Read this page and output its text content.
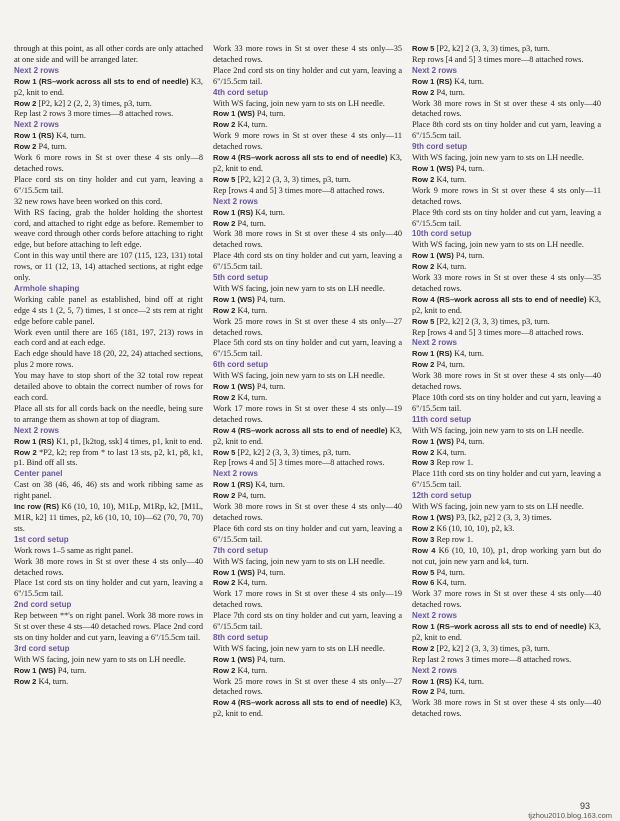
through at this point, as all other cords are only attached at one side and will be arranged later.

Next 2 rows

Row 1 (RS–work across all sts to end of needle) K3, p2, knit to end.

Row 2 [P2, k2] 2 (2, 2, 3) times, p3, turn.

Rep last 2 rows 3 more times—8 attached rows.

Next 2 rows

Row 1 (RS) K4, turn.

Row 2 P4, turn.

Work 6 more rows in St st over these 4 sts only—8 detached rows.

Place cord sts on tiny holder and cut yarn, leaving a 6"/15.5cm tail.

32 new rows have been worked on this cord.

With RS facing, grab the holder holding the shortest cord, and attached to right edge as before. Remember to weave cord through other cords before attaching to right edge, but before attaching to left edge.

Cont in this way until there are 107 (115, 123, 131) total rows, or 11 (12, 13, 14) attached sections, at right edge only.

Armhole shaping

Working cable panel as established, bind off at right edge 4 sts 1 (2, 5, 7) times, 1 st once—2 sts rem at right edge before cable panel.

Work even until there are 165 (181, 197, 213) rows in each cord and at each edge.

Each edge should have 18 (20, 22, 24) attached sections, plus 2 more rows.

You may have to stop short of the 32 total row repeat detailed above to obtain the correct number of rows for each cord.

Place all sts for all cords back on the needle, being sure to arrange them as shown at top of diagram.

Next 2 rows

Row 1 (RS) K1, p1, [k2tog, ssk] 4 times, p1, knit to end.

Row 2 *P2, k2; rep from * to last 13 sts, p2, k1, p8, k1, p1. Bind off all sts.

Center panel

Cast on 38 (46, 46, 46) sts and work ribbing same as right panel.

Inc row (RS) K6 (10, 10, 10), M1Lp, M1Rp, k2, [M1L, M1R, k2] 11 times, p2, k6 (10, 10, 10)—62 (70, 70, 70) sts.

1st cord setup

Work rows 1–5 same as right panel.

Work 38 more rows in St st over these 4 sts only—40 detached rows.

Place 1st cord sts on tiny holder and cut yarn, leaving a 6"/15.5cm tail.

2nd cord setup

Rep between **'s on right panel. Work 38 more rows in St st over these 4 sts—40 detached rows. Place 2nd cord sts on tiny holder and cut yarn, leaving a 6"/15.5cm tail.

3rd cord setup

With WS facing, join new yarn to sts on LH needle.

Row 1 (WS) P4, turn.

Row 2 K4, turn.

Work 33 more rows in St st over these 4 sts only—35 detached rows.

Place 2nd cord sts on tiny holder and cut yarn, leaving a 6"/15.5cm tail.

4th cord setup

With WS facing, join new yarn to sts on LH needle.

Row 1 (WS) P4, turn.

Row 2 K4, turn.

Work 9 more rows in St st over these 4 sts only—11 detached rows.

Row 4 (RS–work across all sts to end of needle) K3, p2, knit to end.

Row 5 [P2, k2] 2 (3, 3, 3) times, p3, turn.

Rep [rows 4 and 5] 3 times more—8 attached rows.

Next 2 rows

Row 1 (RS) K4, turn.

Row 2 P4, turn.

Work 38 more rows in St st over these 4 sts only—40 detached rows.

Place 4th cord sts on tiny holder and cut yarn, leaving a 6"/15.5cm tail.

5th cord setup

With WS facing, join new yarn to sts on LH needle.

Row 1 (WS) P4, turn.

Row 2 K4, turn.

Work 25 more rows in St st over these 4 sts only—27 detached rows.

Place 5th cord sts on tiny holder and cut yarn, leaving a 6"/15.5cm tail.

6th cord setup

With WS facing, join new yarn to sts on LH needle.

Row 1 (WS) P4, turn.

Row 2 K4, turn.

Work 17 more rows in St st over these 4 sts only—19 detached rows.

Row 4 (RS–work across all sts to end of needle) K3, p2, knit to end.

Row 5 [P2, k2] 2 (3, 3, 3) times, p3, turn.

Rep [rows 4 and 5] 3 times more—8 attached rows.

Next 2 rows

Row 1 (RS) K4, turn.

Row 2 P4, turn.

Work 38 more rows in St st over these 4 sts only—40 detached rows.

Place 6th cord sts on tiny holder and cut yarn, leaving a 6"/15.5cm tail.

7th cord setup

With WS facing, join new yarn to sts on LH needle.

Row 1 (WS) P4, turn.

Row 2 K4, turn.

Work 17 more rows in St st over these 4 sts only—19 detached rows.

Place 7th cord sts on tiny holder and cut yarn, leaving a 6"/15.5cm tail.

8th cord setup

With WS facing, join new yarn to sts on LH needle.

Row 1 (WS) P4, turn.

Row 2 K4, turn.

Work 25 more rows in St st over these 4 sts only—27 detached rows.

Row 4 (RS–work across all sts to end of needle) K3, p2, knit to end.

Row 5 [P2, k2] 2 (3, 3, 3) times, p3, turn.

Rep rows [4 and 5] 3 times more—8 attached rows.

Next 2 rows

Row 1 (RS) K4, turn.

Row 2 P4, turn.

Work 38 more rows in St st over these 4 sts only—40 detached rows.

Place 8th cord sts on tiny holder and cut yarn, leaving a 6"/15.5cm tail.

9th cord setup

With WS facing, join new yarn to sts on LH needle.

Row 1 (WS) P4, turn.

Row 2 K4, turn.

Work 9 more rows in St st over these 4 sts only—11 detached rows.

Place 9th cord sts on tiny holder and cut yarn, leaving a 6"/15.5cm tail.

10th cord setup

With WS facing, join new yarn to sts on LH needle.

Row 1 (WS) P4, turn.

Row 2 K4, turn.

Work 33 more rows in St st over these 4 sts only—35 detached rows.

Row 4 (RS–work across all sts to end of needle) K3, p2, knit to end.

Row 5 [P2, k2] 2 (3, 3, 3) times, p3, turn.

Rep [rows 4 and 5] 3 times more—8 attached rows.

Next 2 rows

Row 1 (RS) K4, turn.

Row 2 P4, turn.

Work 38 more rows in St st over these 4 sts only—40 detached rows.

Place 10th cord sts on tiny holder and cut yarn, leaving a 6"/15.5cm tail.

11th cord setup

With WS facing, join new yarn to sts on LH needle.

Row 1 (WS) P4, turn.

Row 2 K4, turn.

Row 3 Rep row 1.

Place 11th cord sts on tiny holder and cut yarn, leaving a 6"/15.5cm tail.

12th cord setup

With WS facing, join new yarn to sts on LH needle.

Row 1 (WS) P3, [k2, p2] 2 (3, 3, 3) times.

Row 2 K6 (10, 10, 10), p2, k3.

Row 3 Rep row 1.

Row 4 K6 (10, 10, 10), p1, drop working yarn but do not cut, join new yarn and k4, turn.

Row 5 P4, turn.

Row 6 K4, turn.

Work 37 more rows in St st over these 4 sts only—40 detached rows.

Next 2 rows

Row 1 (RS–work across all sts to end of needle) K3, p2, knit to end.

Row 2 [P2, k2] 2 (3, 3, 3) times, p3, turn.

Rep last 2 rows 3 times more—8 attached rows.

Next 2 rows

Row 1 (RS) K4, turn.

Row 2 P4, turn.

Work 38 more rows in St st over these 4 sts only—40 detached rows.

93
tjzhou2010.blog.163.com
